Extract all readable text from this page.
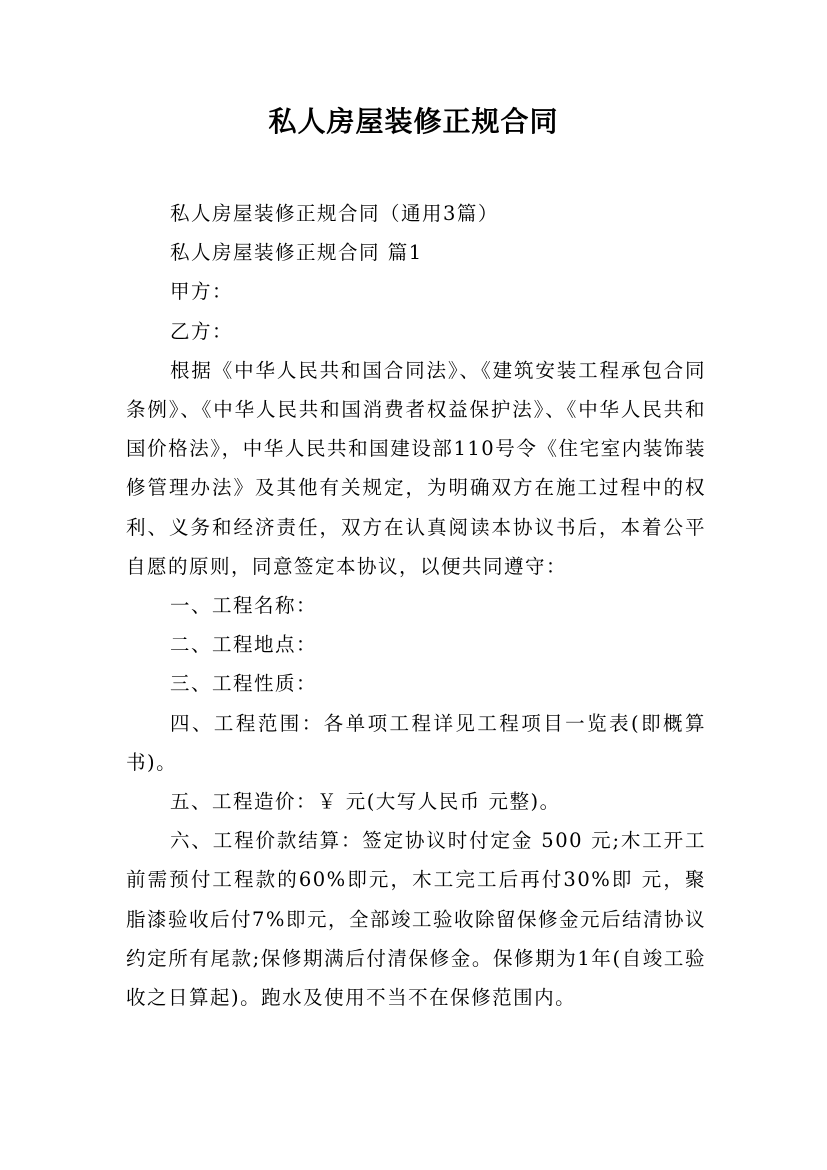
私人房屋装修正规合同

私人房屋装修正规合同（通用3篇）

私人房屋装修正规合同 篇1

甲方：

乙方：

根据《中华人民共和国合同法》、《建筑安装工程承包合同条例》、《中华人民共和国消费者权益保护法》、《中华人民共和国价格法》，中华人民共和国建设部110号令《住宅室内装饰装修管理办法》及其他有关规定，为明确双方在施工过程中的权利、义务和经济责任，双方在认真阅读本协议书后，本着公平自愿的原则，同意签定本协议，以便共同遵守：

一、工程名称：

二、工程地点：

三、工程性质：

四、工程范围：各单项工程详见工程项目一览表(即概算书)。

五、工程造价：￥ 元(大写人民币 元整)。

六、工程价款结算：签定协议时付定金 500 元;木工开工前需预付工程款的60%即元，木工完工后再付30%即 元，聚脂漆验收后付7%即元，全部竣工验收除留保修金元后结清协议约定所有尾款;保修期满后付清保修金。保修期为1年(自竣工验收之日算起)。跑水及使用不当不在保修范围内。
